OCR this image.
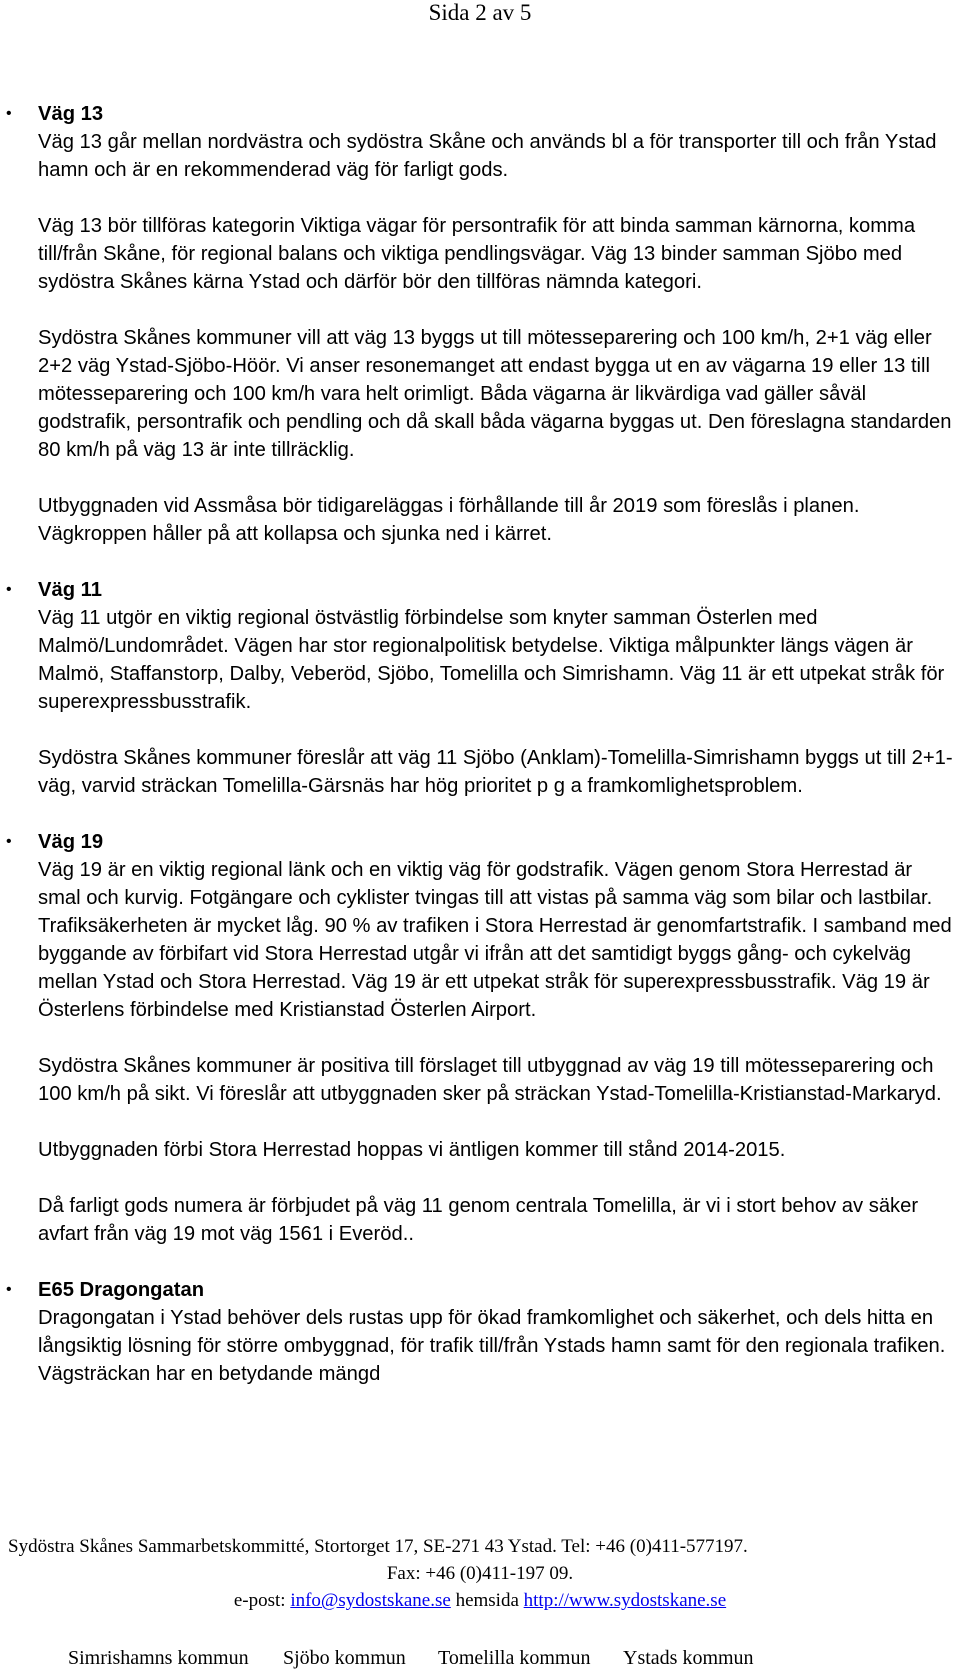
Sida 2 av 5
• Väg 13

Väg 13 går mellan nordvästra och sydöstra Skåne och används bl a för transporter till och från Ystad hamn och är en rekommenderad väg för farligt gods.

Väg 13 bör tillföras kategorin Viktiga vägar för persontrafik för att binda samman kärnorna, komma till/från Skåne, för regional balans och viktiga pendlingsvägar. Väg 13 binder samman Sjöbo med sydöstra Skånes kärna Ystad och därför bör den tillföras nämnda kategori.

Sydöstra Skånes kommuner vill att väg 13 byggs ut till mötesseparering och 100 km/h, 2+1 väg eller 2+2 väg Ystad-Sjöbo-Höör. Vi anser resonemanget att endast bygga ut en av vägarna 19 eller 13 till mötesseparering och 100 km/h vara helt orimligt. Båda vägarna är likvärdiga vad gäller såväl godstrafik, persontrafik och pendling och då skall båda vägarna byggas ut. Den föreslagna standarden 80 km/h på väg 13 är inte tillräcklig.

Utbyggnaden vid Assmåsa bör tidigareläggas i förhållande till år 2019 som föreslås i planen. Vägkroppen håller på att kollapsa och sjunka ned i kärret.

• Väg 11

Väg 11 utgör en viktig regional östvästlig förbindelse som knyter samman Österlen med Malmö/Lundområdet. Vägen har stor regionalpolitisk betydelse. Viktiga målpunkter längs vägen är Malmö, Staffanstorp, Dalby, Veberöd, Sjöbo, Tomelilla och Simrishamn. Väg 11 är ett utpekat stråk för superexpressbusstrafik.

Sydöstra Skånes kommuner föreslår att väg 11 Sjöbo (Anklam)-Tomelilla-Simrishamn byggs ut till 2+1-väg, varvid sträckan Tomelilla-Gärsnäs har hög prioritet p g a framkomlighetsproblem.

• Väg 19

Väg 19 är en viktig regional länk och en viktig väg för godstrafik. Vägen genom Stora Herrestad är smal och kurvig. Fotgängare och cyklister tvingas till att vistas på samma väg som bilar och lastbilar. Trafiksäkerheten är mycket låg. 90 % av trafiken i Stora Herrestad är genomfartstrafik. I samband med byggande av förbifart vid Stora Herrestad utgår vi ifrån att det samtidigt byggs gång- och cykelväg mellan Ystad och Stora Herrestad. Väg 19 är ett utpekat stråk för superexpressbusstrafik. Väg 19 är Österlens förbindelse med Kristianstad Österlen Airport.

Sydöstra Skånes kommuner är positiva till förslaget till utbyggnad av väg 19 till mötesseparering och 100 km/h på sikt. Vi föreslår att utbyggnaden sker på sträckan Ystad-Tomelilla-Kristianstad-Markaryd.

Utbyggnaden förbi Stora Herrestad hoppas vi äntligen kommer till stånd 2014-2015.

Då farligt gods numera är förbjudet på väg 11 genom centrala Tomelilla, är vi i stort behov av säker avfart från väg 19 mot väg 1561 i Everöd..

• E65 Dragongatan

Dragongatan i Ystad behöver dels rustas upp för ökad framkomlighet och säkerhet, och dels hitta en långsiktig lösning för större ombyggnad, för trafik till/från Ystads hamn samt för den regionala trafiken. Vägsträckan har en betydande mängd

Sydöstra Skånes Sammarbetskommitté, Stortorget 17, SE-271 43 Ystad. Tel: +46 (0)411-577197.
Fax: +46 (0)411-197 09.
e-post: info@sydostskane.se hemsida http://www.sydostskane.se
Simrishamns kommun Sjöbo kommun Tomelilla kommun Ystads kommun
